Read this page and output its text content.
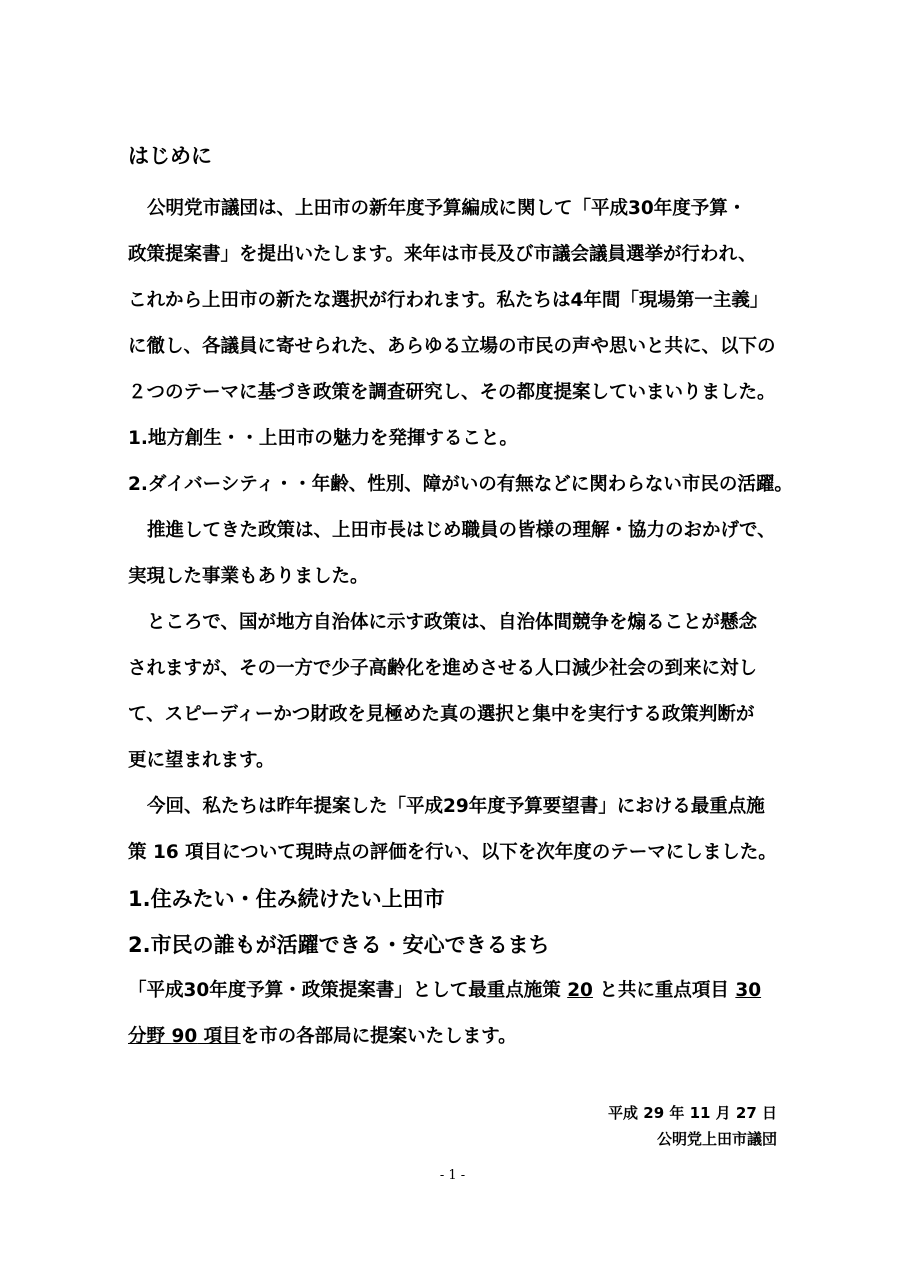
はじめに
公明党市議団は、上田市の新年度予算編成に関して「平成30年度予算・
政策提案書」を提出いたします。来年は市長及び市議会議員選挙が行われ、
これから上田市の新たな選択が行われます。私たちは4年間「現場第一主義」
に徹し、各議員に寄せられた、あらゆる立場の市民の声や思いと共に、以下の
２つのテーマに基づき政策を調査研究し、その都度提案していまいりました。
1.地方創生・・上田市の魅力を発揮すること。
2.ダイバーシティ・・年齢、性別、障がいの有無などに関わらない市民の活躍。
推進してきた政策は、上田市長はじめ職員の皆様の理解・協力のおかげで、
実現した事業もありました。
ところで、国が地方自治体に示す政策は、自治体間競争を煽ることが懸念
されますが、その一方で少子高齢化を進めさせる人口減少社会の到来に対し
て、スピーディーかつ財政を見極めた真の選択と集中を実行する政策判断が
更に望まれます。
今回、私たちは昨年提案した「平成29年度予算要望書」における最重点施
策 16 項目について現時点の評価を行い、以下を次年度のテーマにしました。
1.住みたい・住み続けたい上田市
2.市民の誰もが活躍できる・安心できるまち
「平成30年度予算・政策提案書」として最重点施策 20 と共に重点項目 30
分野 90 項目を市の各部局に提案いたします。
平成 29 年 11 月 27 日
公明党上田市議団
- 1 -
